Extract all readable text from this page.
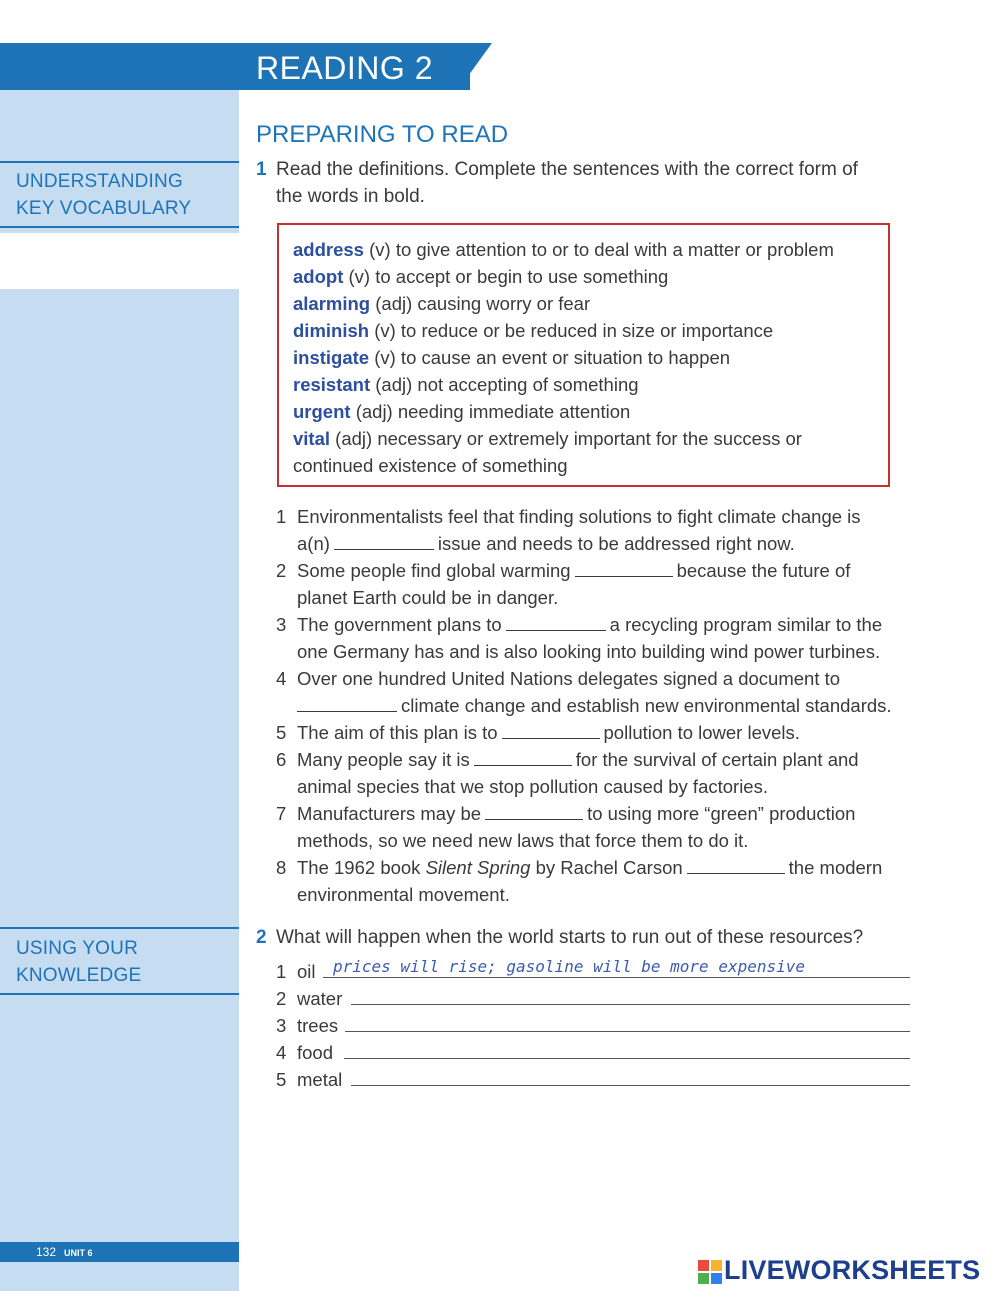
UNDERSTANDING
KEY VOCABULARY
USING YOUR
KNOWLEDGE
READING 2
PREPARING TO READ
1 Read the definitions. Complete the sentences with the correct form of
the words in bold.
address (v) to give attention to or to deal with a matter or problem
adopt (v) to accept or begin to use something
alarming (adj) causing worry or fear
diminish (v) to reduce or be reduced in size or importance
instigate (v) to cause an event or situation to happen
resistant (adj) not accepting of something
urgent (adj) needing immediate attention
vital (adj) necessary or extremely important for the success or
continued existence of something
1 Environmentalists feel that finding solutions to fight climate change is
a(n)	issue and needs to be addressed right now.
2 Some people find global warming	because the future of
planet Earth could be in danger.
3 The government plans to	a recycling program similar to the
one Germany has and is also looking into building wind power turbines.
4 Over one hundred United Nations delegates signed a document to
climate change and establish new environmental standards.
5 The aim of this plan is to	pollution to lower levels.
6 Many people say it is	for the survival of certain plant and
animal species that we stop pollution caused by factories.
7 Manufacturers may be	to using more “green” production
methods, so we need new laws that force them to do it.
8 The 1962 book Silent Spring by Rachel Carson	the modern
environmental movement.
2 What will happen when the world starts to run out of these resources?
1 oil prices will rise; gasoline will be more expensive
2 water
3 trees
4 food
5 metal
132 UNIT 6
LIVEWORKSHEETS
